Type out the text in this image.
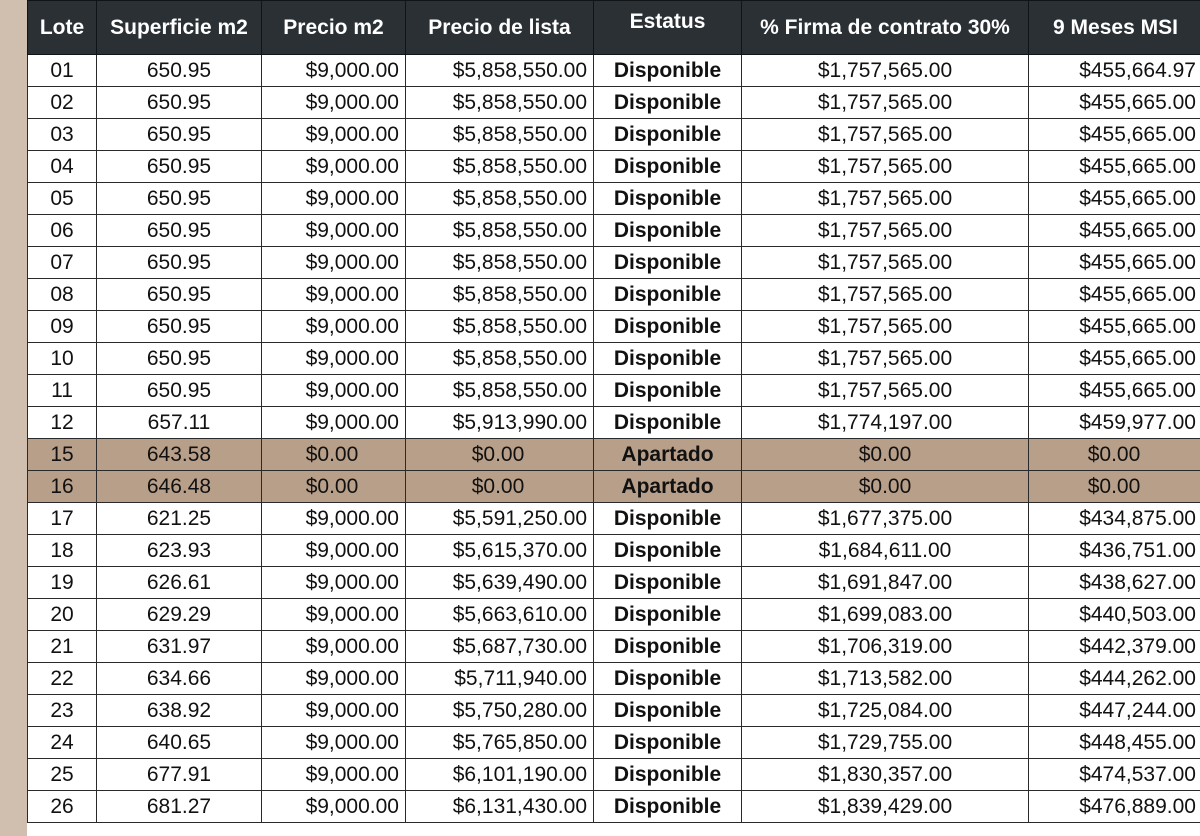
Lote	Superficie m2	Precio m2	Precio de lista	Estatus	% Firma de contrato 30%	9 Meses MSI
01	650.95	$9,000.00	$5,858,550.00	Disponible	$1,757,565.00	$455,664.97
02	650.95	$9,000.00	$5,858,550.00	Disponible	$1,757,565.00	$455,665.00
03	650.95	$9,000.00	$5,858,550.00	Disponible	$1,757,565.00	$455,665.00
04	650.95	$9,000.00	$5,858,550.00	Disponible	$1,757,565.00	$455,665.00
05	650.95	$9,000.00	$5,858,550.00	Disponible	$1,757,565.00	$455,665.00
06	650.95	$9,000.00	$5,858,550.00	Disponible	$1,757,565.00	$455,665.00
07	650.95	$9,000.00	$5,858,550.00	Disponible	$1,757,565.00	$455,665.00
08	650.95	$9,000.00	$5,858,550.00	Disponible	$1,757,565.00	$455,665.00
09	650.95	$9,000.00	$5,858,550.00	Disponible	$1,757,565.00	$455,665.00
10	650.95	$9,000.00	$5,858,550.00	Disponible	$1,757,565.00	$455,665.00
11	650.95	$9,000.00	$5,858,550.00	Disponible	$1,757,565.00	$455,665.00
12	657.11	$9,000.00	$5,913,990.00	Disponible	$1,774,197.00	$459,977.00
15	643.58	$0.00	$0.00	Apartado	$0.00	$0.00
16	646.48	$0.00	$0.00	Apartado	$0.00	$0.00
17	621.25	$9,000.00	$5,591,250.00	Disponible	$1,677,375.00	$434,875.00
18	623.93	$9,000.00	$5,615,370.00	Disponible	$1,684,611.00	$436,751.00
19	626.61	$9,000.00	$5,639,490.00	Disponible	$1,691,847.00	$438,627.00
20	629.29	$9,000.00	$5,663,610.00	Disponible	$1,699,083.00	$440,503.00
21	631.97	$9,000.00	$5,687,730.00	Disponible	$1,706,319.00	$442,379.00
22	634.66	$9,000.00	$5,711,940.00	Disponible	$1,713,582.00	$444,262.00
23	638.92	$9,000.00	$5,750,280.00	Disponible	$1,725,084.00	$447,244.00
24	640.65	$9,000.00	$5,765,850.00	Disponible	$1,729,755.00	$448,455.00
25	677.91	$9,000.00	$6,101,190.00	Disponible	$1,830,357.00	$474,537.00
26	681.27	$9,000.00	$6,131,430.00	Disponible	$1,839,429.00	$476,889.00
